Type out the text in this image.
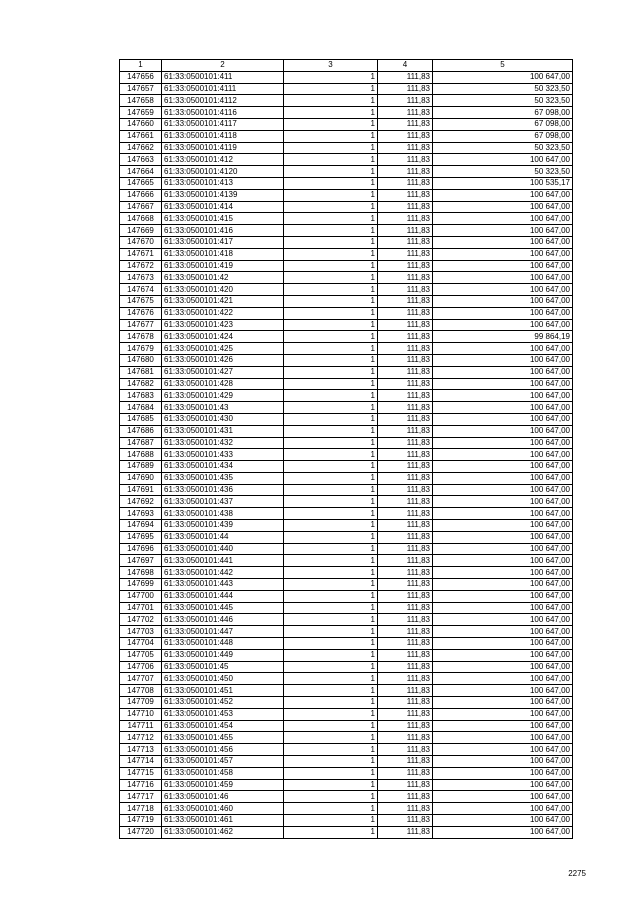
1	2	3	4	5
147656	61:33:0500101:411	1	111,83	100 647,00
147657	61:33:0500101:4111	1	111,83	50 323,50
147658	61:33:0500101:4112	1	111,83	50 323,50
147659	61:33:0500101:4116	1	111,83	67 098,00
147660	61:33:0500101:4117	1	111,83	67 098,00
147661	61:33:0500101:4118	1	111,83	67 098,00
147662	61:33:0500101:4119	1	111,83	50 323,50
147663	61:33:0500101:412	1	111,83	100 647,00
147664	61:33:0500101:4120	1	111,83	50 323,50
147665	61:33:0500101:413	1	111,83	100 535,17
147666	61:33:0500101:4139	1	111,83	100 647,00
147667	61:33:0500101:414	1	111,83	100 647,00
147668	61:33:0500101:415	1	111,83	100 647,00
147669	61:33:0500101:416	1	111,83	100 647,00
147670	61:33:0500101:417	1	111,83	100 647,00
147671	61:33:0500101:418	1	111,83	100 647,00
147672	61:33:0500101:419	1	111,83	100 647,00
147673	61:33:0500101:42	1	111,83	100 647,00
147674	61:33:0500101:420	1	111,83	100 647,00
147675	61:33:0500101:421	1	111,83	100 647,00
147676	61:33:0500101:422	1	111,83	100 647,00
147677	61:33:0500101:423	1	111,83	100 647,00
147678	61:33:0500101:424	1	111,83	99 864,19
147679	61:33:0500101:425	1	111,83	100 647,00
147680	61:33:0500101:426	1	111,83	100 647,00
147681	61:33:0500101:427	1	111,83	100 647,00
147682	61:33:0500101:428	1	111,83	100 647,00
147683	61:33:0500101:429	1	111,83	100 647,00
147684	61:33:0500101:43	1	111,83	100 647,00
147685	61:33:0500101:430	1	111,83	100 647,00
147686	61:33:0500101:431	1	111,83	100 647,00
147687	61:33:0500101:432	1	111,83	100 647,00
147688	61:33:0500101:433	1	111,83	100 647,00
147689	61:33:0500101:434	1	111,83	100 647,00
147690	61:33:0500101:435	1	111,83	100 647,00
147691	61:33:0500101:436	1	111,83	100 647,00
147692	61:33:0500101:437	1	111,83	100 647,00
147693	61:33:0500101:438	1	111,83	100 647,00
147694	61:33:0500101:439	1	111,83	100 647,00
147695	61:33:0500101:44	1	111,83	100 647,00
147696	61:33:0500101:440	1	111,83	100 647,00
147697	61:33:0500101:441	1	111,83	100 647,00
147698	61:33:0500101:442	1	111,83	100 647,00
147699	61:33:0500101:443	1	111,83	100 647,00
147700	61:33:0500101:444	1	111,83	100 647,00
147701	61:33:0500101:445	1	111,83	100 647,00
147702	61:33:0500101:446	1	111,83	100 647,00
147703	61:33:0500101:447	1	111,83	100 647,00
147704	61:33:0500101:448	1	111,83	100 647,00
147705	61:33:0500101:449	1	111,83	100 647,00
147706	61:33:0500101:45	1	111,83	100 647,00
147707	61:33:0500101:450	1	111,83	100 647,00
147708	61:33:0500101:451	1	111,83	100 647,00
147709	61:33:0500101:452	1	111,83	100 647,00
147710	61:33:0500101:453	1	111,83	100 647,00
147711	61:33:0500101:454	1	111,83	100 647,00
147712	61:33:0500101:455	1	111,83	100 647,00
147713	61:33:0500101:456	1	111,83	100 647,00
147714	61:33:0500101:457	1	111,83	100 647,00
147715	61:33:0500101:458	1	111,83	100 647,00
147716	61:33:0500101:459	1	111,83	100 647,00
147717	61:33:0500101:46	1	111,83	100 647,00
147718	61:33:0500101:460	1	111,83	100 647,00
147719	61:33:0500101:461	1	111,83	100 647,00
147720	61:33:0500101:462	1	111,83	100 647,00
2275
